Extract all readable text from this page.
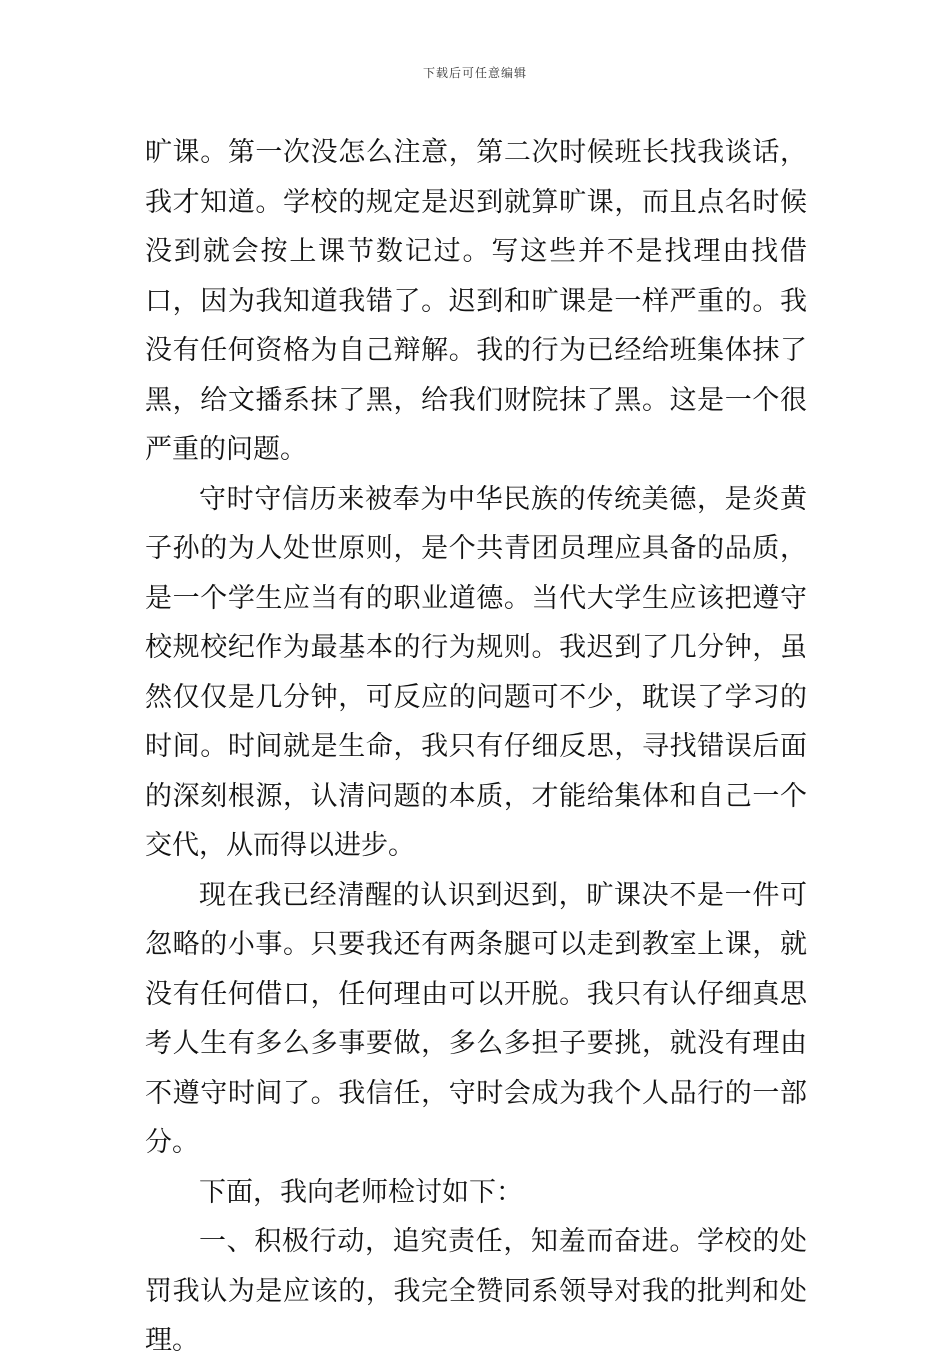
下载后可任意编辑

旷课。第一次没怎么注意，第二次时候班长找我谈话，我才知道。学校的规定是迟到就算旷课，而且点名时候没到就会按上课节数记过。写这些并不是找理由找借口，因为我知道我错了。迟到和旷课是一样严重的。我没有任何资格为自己辩解。我的行为已经给班集体抹了黑，给文播系抹了黑，给我们财院抹了黑。这是一个很严重的问题。

守时守信历来被奉为中华民族的传统美德，是炎黄子孙的为人处世原则，是个共青团员理应具备的品质，是一个学生应当有的职业道德。当代大学生应该把遵守校规校纪作为最基本的行为规则。我迟到了几分钟，虽然仅仅是几分钟，可反应的问题可不少，耽误了学习的时间。时间就是生命，我只有仔细反思，寻找错误后面的深刻根源，认清问题的本质，才能给集体和自己一个交代，从而得以进步。

现在我已经清醒的认识到迟到，旷课决不是一件可忽略的小事。只要我还有两条腿可以走到教室上课，就没有任何借口，任何理由可以开脱。我只有认仔细真思考人生有多么多事要做，多么多担子要挑，就没有理由不遵守时间了。我信任，守时会成为我个人品行的一部分。

下面，我向老师检讨如下：

一、积极行动，追究责任，知羞而奋进。学校的处罚我认为是应该的，我完全赞同系领导对我的批判和处理。
